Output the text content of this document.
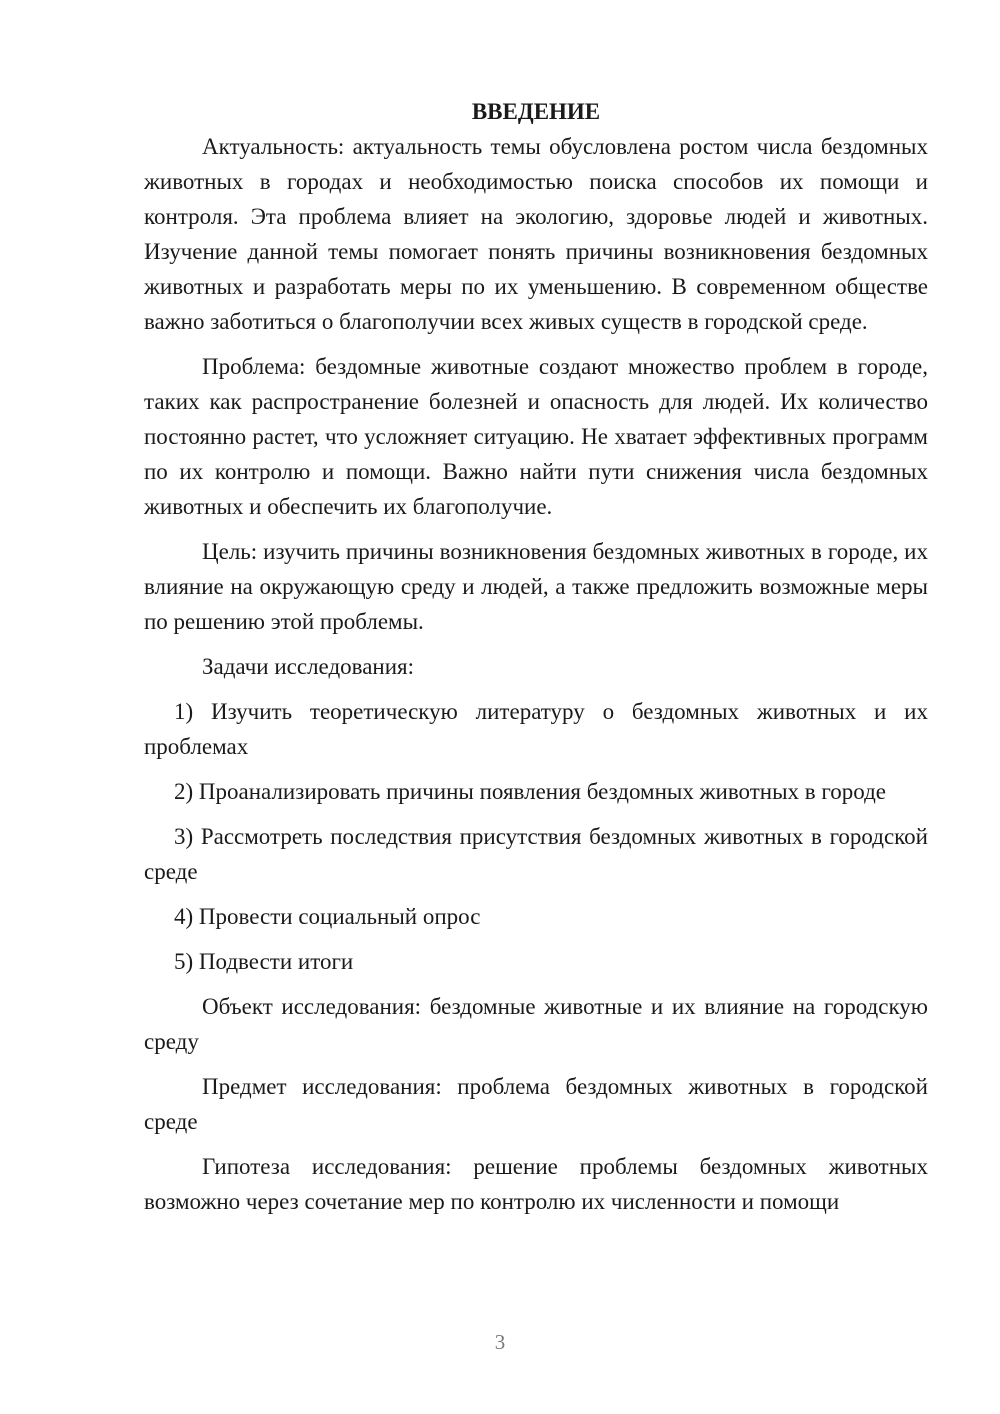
ВВЕДЕНИЕ

Актуальность: актуальность темы обусловлена ростом числа бездомных животных в городах и необходимостью поиска способов их помощи и контроля. Эта проблема влияет на экологию, здоровье людей и животных. Изучение данной темы помогает понять причины возникновения бездомных животных и разработать меры по их уменьшению. В современном обществе важно заботиться о благополучии всех живых существ в городской среде.

Проблема: бездомные животные создают множество проблем в городе, таких как распространение болезней и опасность для людей. Их количество постоянно растет, что усложняет ситуацию. Не хватает эффективных программ по их контролю и помощи. Важно найти пути снижения числа бездомных животных и обеспечить их благополучие.

Цель: изучить причины возникновения бездомных животных в городе, их влияние на окружающую среду и людей, а также предложить возможные меры по решению этой проблемы.

Задачи исследования:

1) Изучить теоретическую литературу о бездомных животных и их проблемах

2) Проанализировать причины появления бездомных животных в городе

3) Рассмотреть последствия присутствия бездомных животных в городской среде

4) Провести социальный опрос

5) Подвести итоги

Объект исследования: бездомные животные и их влияние на городскую среду

Предмет исследования: проблема бездомных животных в городской среде

Гипотеза исследования: решение проблемы бездомных животных возможно через сочетание мер по контролю их численности и помощи

3
